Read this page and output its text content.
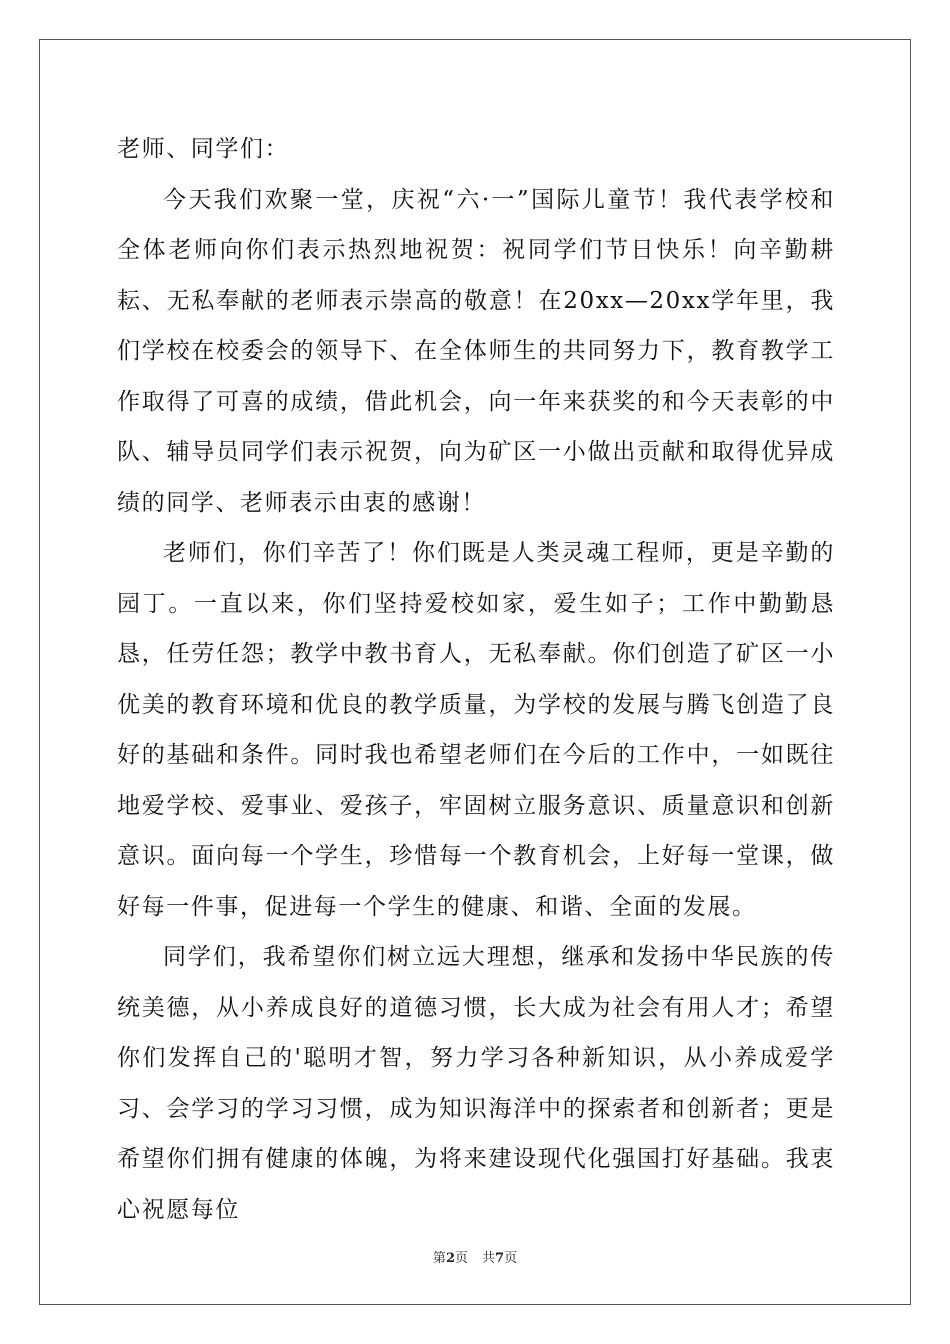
老师、同学们：

今天我们欢聚一堂，庆祝“六·一”国际儿童节！我代表学校和全体老师向你们表示热烈地祝贺：祝同学们节日快乐！向辛勤耕耘、无私奉献的老师表示崇高的敬意！在20xx—20xx学年里，我们学校在校委会的领导下、在全体师生的共同努力下，教育教学工作取得了可喜的成绩，借此机会，向一年来获奖的和今天表彰的中队、辅导员同学们表示祝贺，向为矿区一小做出贡献和取得优异成绩的同学、老师表示由衷的感谢！

老师们，你们辛苦了！你们既是人类灵魂工程师，更是辛勤的园丁。一直以来，你们坚持爱校如家，爱生如子；工作中勤勤恳恳，任劳任怨；教学中教书育人，无私奉献。你们创造了矿区一小优美的教育环境和优良的教学质量，为学校的发展与腾飞创造了良好的基础和条件。同时我也希望老师们在今后的工作中，一如既往地爱学校、爱事业、爱孩子，牢固树立服务意识、质量意识和创新意识。面向每一个学生，珍惜每一个教育机会，上好每一堂课，做好每一件事，促进每一个学生的健康、和谐、全面的发展。

同学们，我希望你们树立远大理想，继承和发扬中华民族的传统美德，从小养成良好的道德习惯，长大成为社会有用人才；希望你们发挥自己的'聪明才智，努力学习各种新知识，从小养成爱学习、会学习的学习习惯，成为知识海洋中的探索者和创新者；更是希望你们拥有健康的体魄，为将来建设现代化强国打好基础。我衷心祝愿每位

第2页 共7页
